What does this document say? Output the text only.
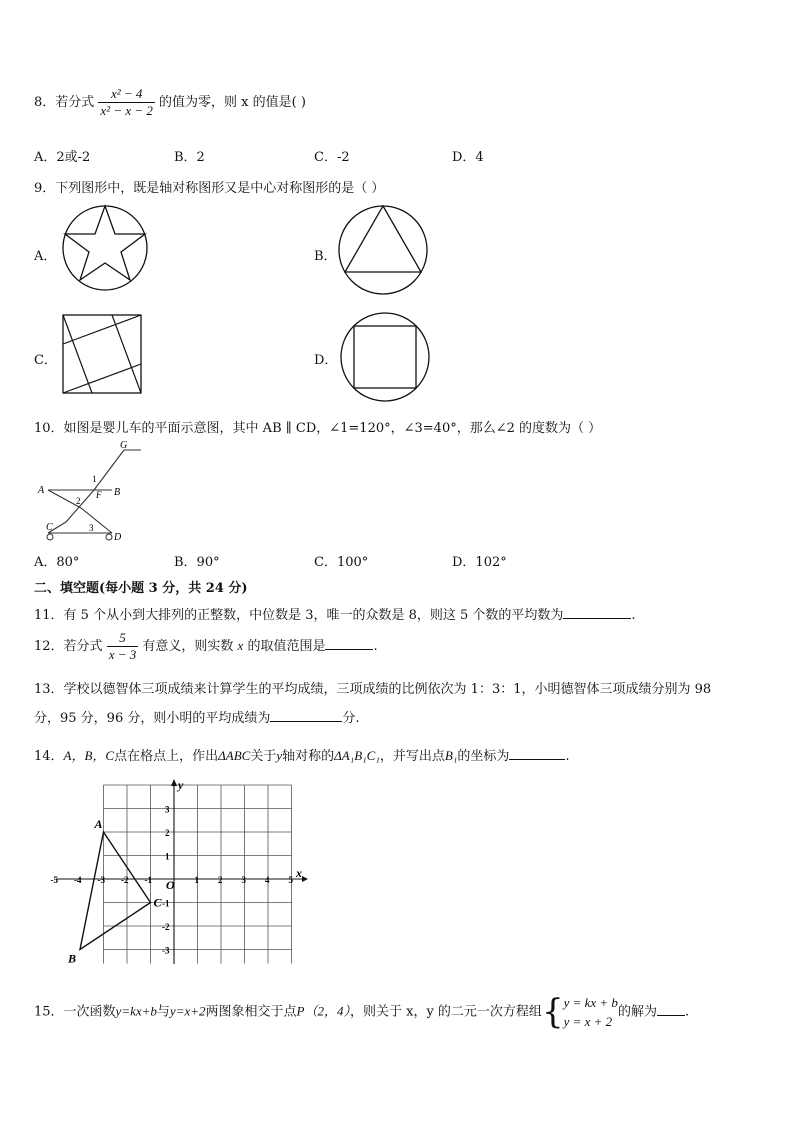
8．若分式 $\frac{\text{x² − 4}}{\text{x² − x − 2}}$ 的值为零，则 x 的值是( )
A．2或-2	B．2	C．-2	D．4
9．下列图形中，既是轴对称图形又是中心对称图形的是（ ）
A．	B．
C．	D．
10．如图是婴儿车的平面示意图，其中 AB ∥ CD，∠1=120°，∠3=40°，那么∠2 的度数为（ ）
G
1
A	B
F
2
C	3
D
A．80°	B．90°	C．100°	D．102°
二、填空题(每小题 3 分，共 24 分)
11．有 5 个从小到大排列的正整数，中位数是 3，唯一的众数是 8，则这 5 个数的平均数为	.
12．若分式 $\frac{5}{x - 3}$ 有意义，则实数 x 的取值范围是	.
13．学校以德智体三项成绩来计算学生的平均成绩，三项成绩的比例依次为 1：3：1，小明德智体三项成绩分别为 98
分，95 分，96 分，则小明的平均成绩为	分.
14．A，B，C点在格点上，作出ΔABC关于y轴对称的ΔA₁B₁C₁，并写出点B₁的坐标为	.
x
y
O
-5 -4 -3 -2 -1	1 2 3 4 5
3
2
1
-1
-2
-3
A
B
C
15．一次函数y=kx+b与y=x+2两图象相交于点P（2，4），则关于 x，y 的二元一次方程组{ y = kx + b
y = x + 2
的解为 .
